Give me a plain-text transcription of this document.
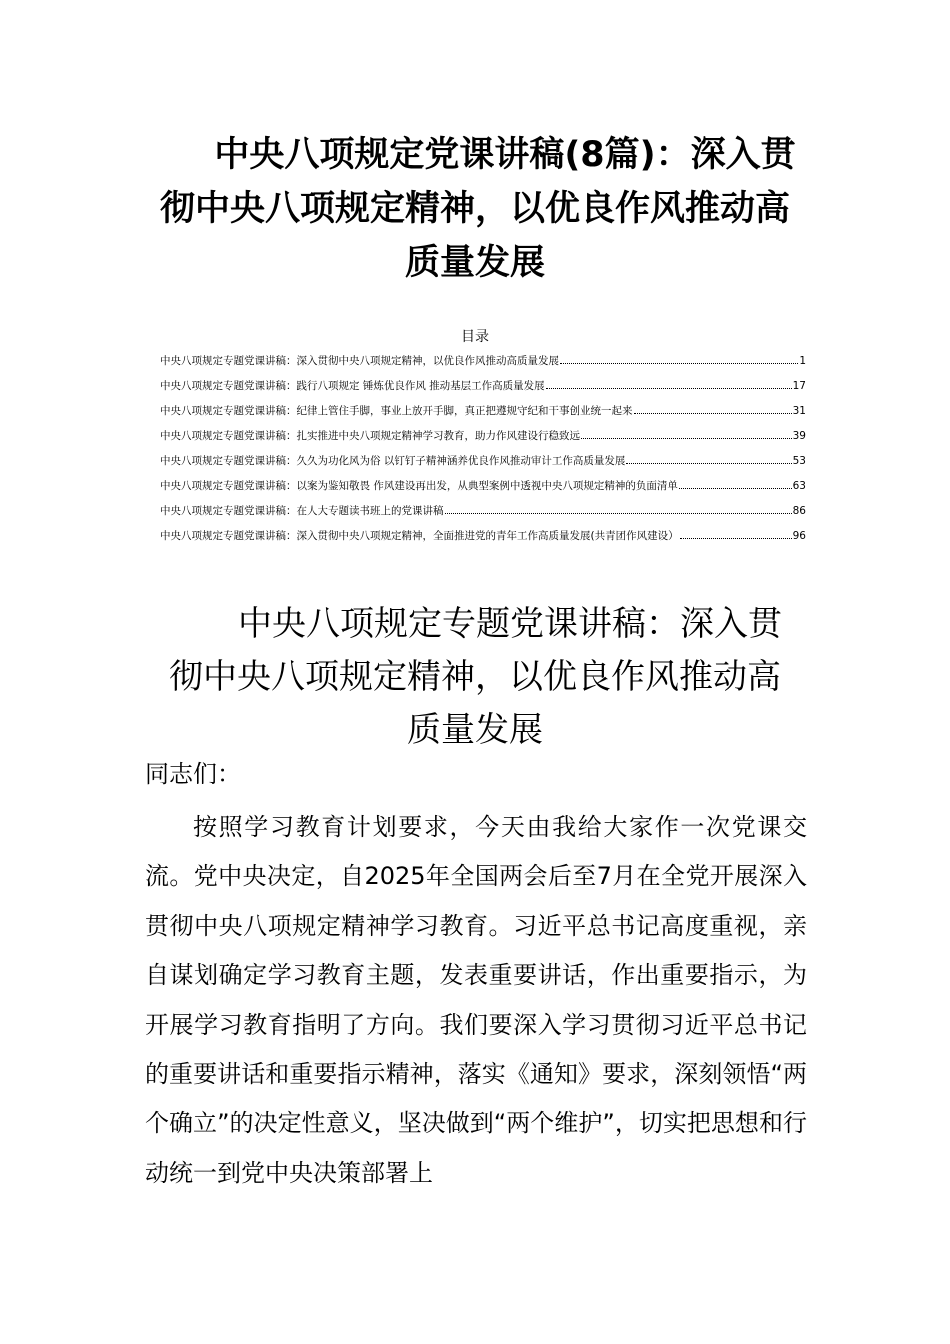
中央八项规定党课讲稿(8篇)：深入贯
彻中央八项规定精神，以优良作风推动高
质量发展
目录
中央八项规定专题党课讲稿：深入贯彻中央八项规定精神，以优良作风推动高质量发展	1
中央八项规定专题党课讲稿：践行八项规定 锤炼优良作风 推动基层工作高质量发展	17
中央八项规定专题党课讲稿：纪律上管住手脚，事业上放开手脚，真正把遵规守纪和干事创业统一起来	31
中央八项规定专题党课讲稿：扎实推进中央八项规定精神学习教育，助力作风建设行稳致远	39
中央八项规定专题党课讲稿：久久为功化风为俗 以钉钉子精神涵养优良作风推动审计工作高质量发展	53
中央八项规定专题党课讲稿：以案为鉴知敬畏 作风建设再出发，从典型案例中透视中央八项规定精神的负面清单	63
中央八项规定专题党课讲稿：在人大专题读书班上的党课讲稿	86
中央八项规定专题党课讲稿：深入贯彻中央八项规定精神，全面推进党的青年工作高质量发展(共青团作风建设）	96
中央八项规定专题党课讲稿：深入贯
彻中央八项规定精神，以优良作风推动高
质量发展

同志们：

按照学习教育计划要求，今天由我给大家作一次党课交流。党中央决定，自2025年全国两会后至7月在全党开展深入贯彻中央八项规定精神学习教育。习近平总书记高度重视，亲自谋划确定学习教育主题，发表重要讲话，作出重要指示，为开展学习教育指明了方向。我们要深入学习贯彻习近平总书记的重要讲话和重要指示精神，落实《通知》要求，深刻领悟“两个确立”的决定性意义，坚决做到“两个维护”，切实把思想和行动统一到党中央决策部署上
